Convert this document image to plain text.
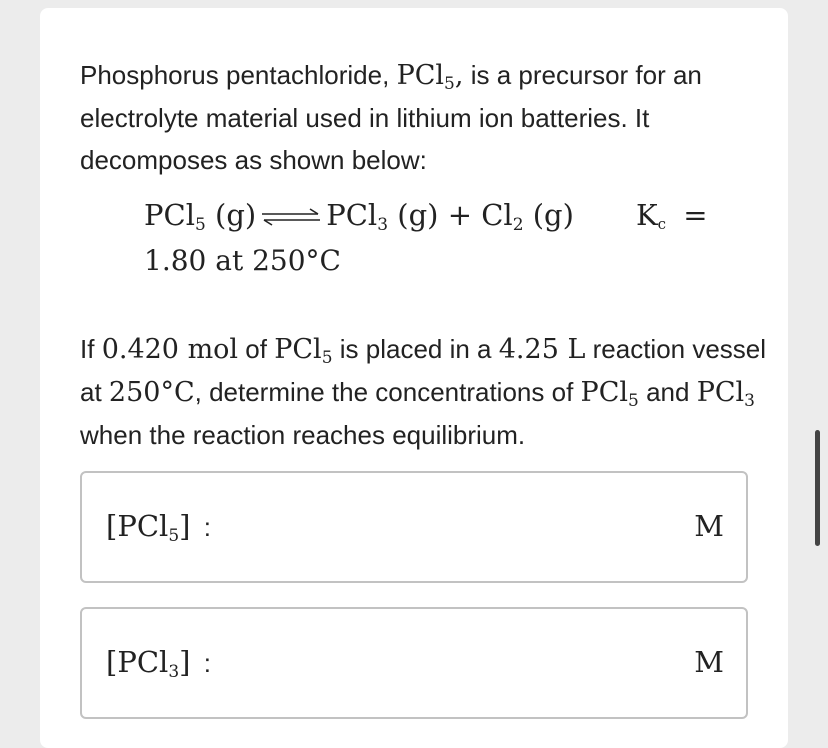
Phosphorus pentachloride, PCl$_5$, is a precursor for an electrolyte material used in lithium ion batteries. It decomposes as shown below:
PCl$_5$ (g) ⇌ PCl$_3$ $(g) + Cl_2$ (g) $K_c$ =
1.80 at 250°C
If 0.420 mol of PCl$_5$ is placed in a 4.25 L reaction vessel at 250°C, determine the concentrations of PCl$_5$ and PCl$_3$ when the reaction reaches equilibrium.
[PCl$_5$] :	M
[PCl$_3$] :	M
